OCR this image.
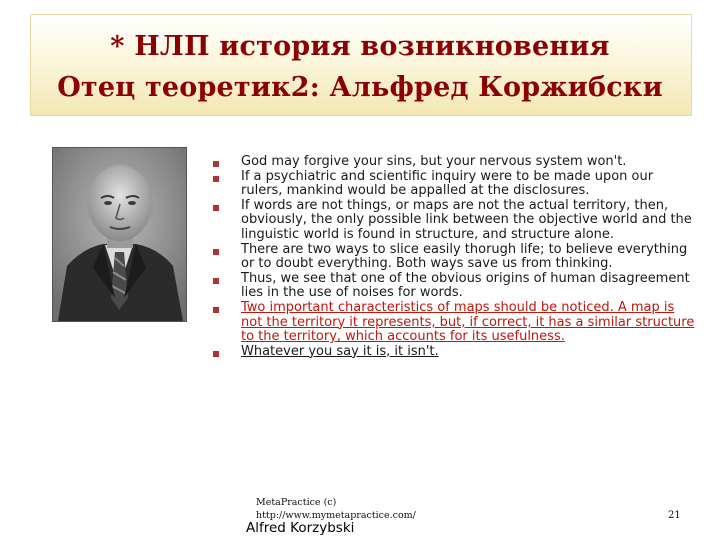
* НЛП история возникновения
Отец теоретик2: Альфред Коржибски
God may forgive your sins, but your nervous system won't.
If a psychiatric and scientific inquiry were to be made upon our rulers, mankind would be appalled at the disclosures.
If words are not things, or maps are not the actual territory, then, obviously, the only possible link between the objective world and the linguistic world is found in structure, and structure alone.
There are two ways to slice easily thorugh life; to believe everything or to doubt everything. Both ways save us from thinking.
Thus, we see that one of the obvious origins of human disagreement lies in the use of noises for words.
Two important characteristics of maps should be noticed. A map is not the territory it represents, but, if correct, it has a similar structure to the territory, which accounts for its usefulness.
Whatever you say it is, it isn't.
MetaPractice (c)
http://www.mymetapractice.com/	21
Alfred Korzybski
